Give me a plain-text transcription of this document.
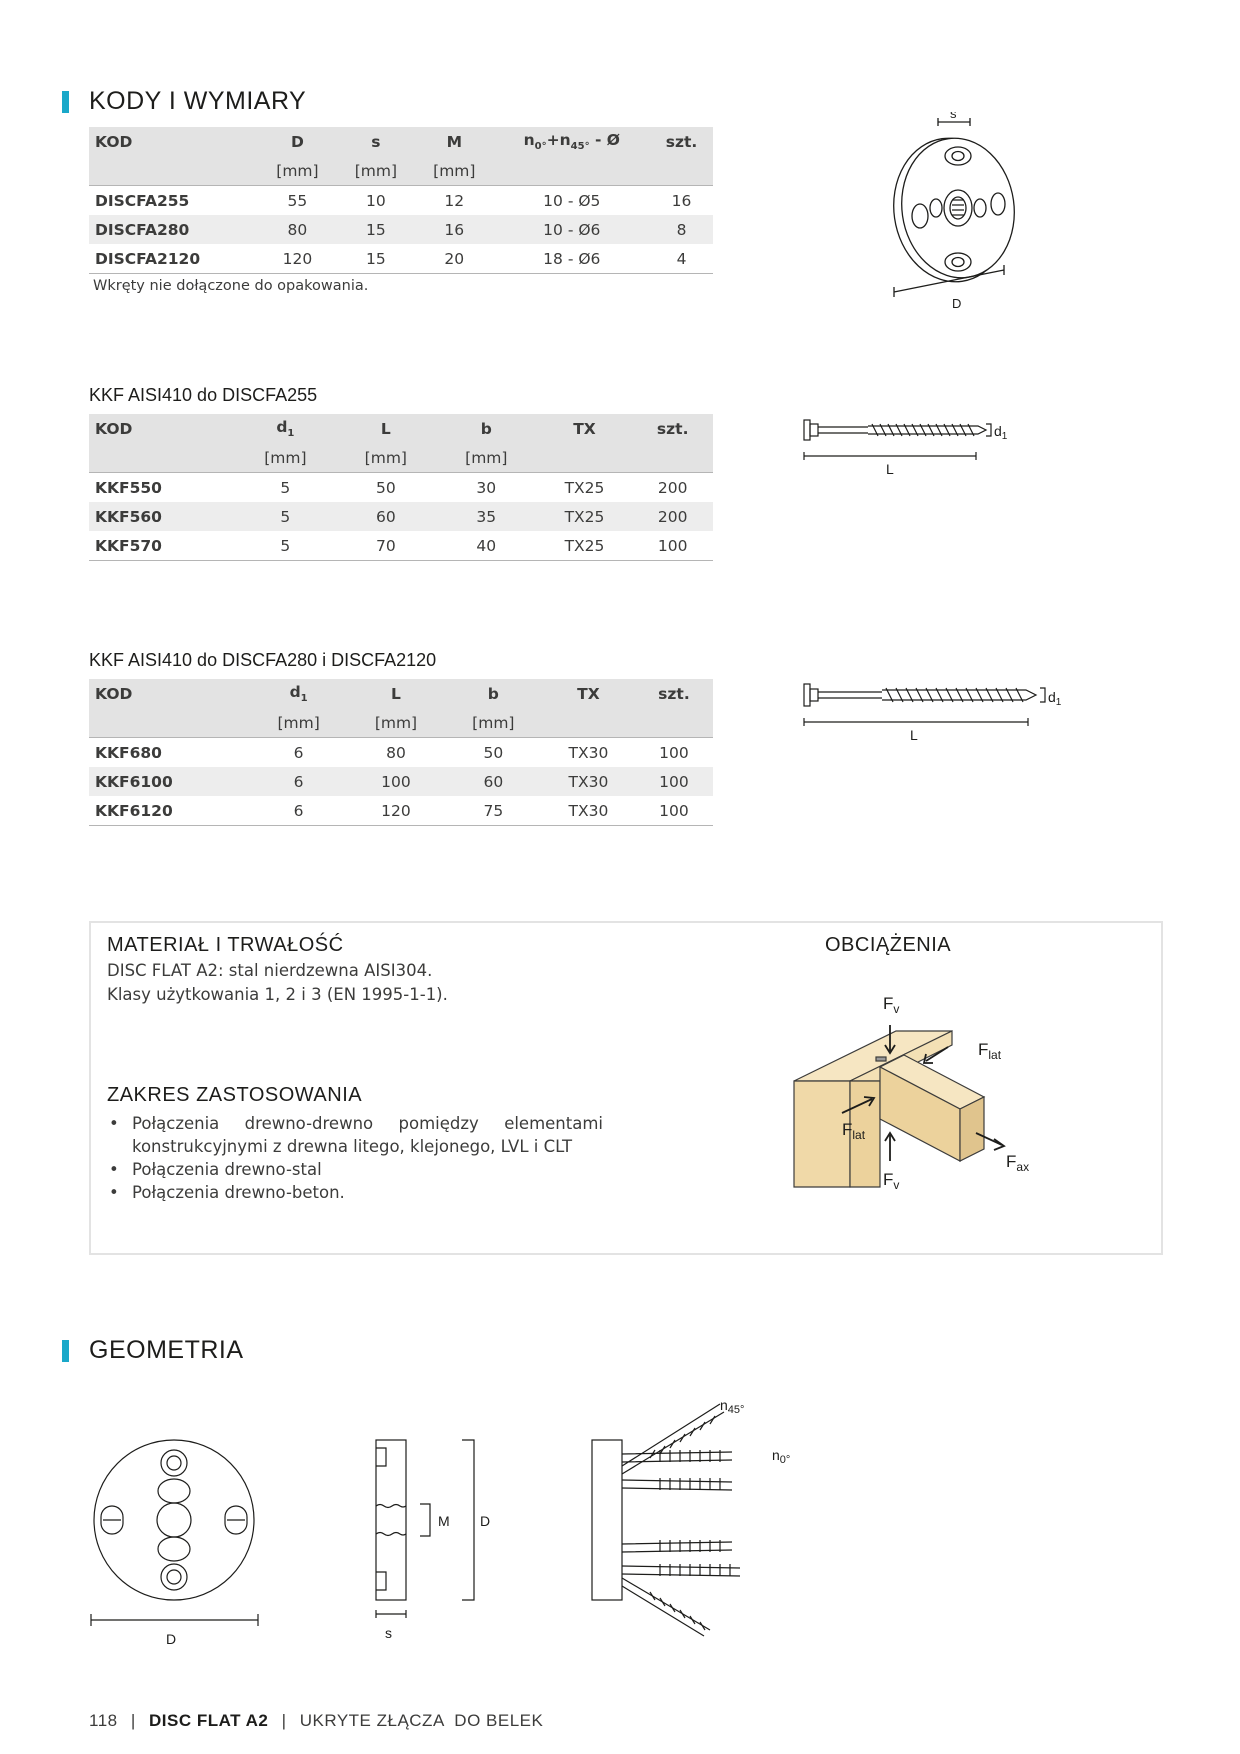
KODY I WYMIARY
KOD	D	s	M	$n_{0^\circ}+n_{45^\circ}$ - Ø	szt.
	[mm]	[mm]	[mm]		
DISCFA255	55	10	12	10 - Ø5	16
DISCFA280	80	15	16	10 - Ø6	8
DISCFA2120	120	15	20	18 - Ø6	4
Wkręty nie dołączone do opakowania.
s
D
KKF AISI410 do DISCFA255
KOD	$d_1$	L	b	TX	szt.
	[mm]	[mm]	[mm]		
KKF550	5	50	30	TX25	200
KKF560	5	60	35	TX25	200
KKF570	5	70	40	TX25	100
$d_1$
L
KKF AISI410 do DISCFA280 i DISCFA2120
KOD	$d_1$	L	b	TX	szt.
	[mm]	[mm]	[mm]		
KKF680	6	80	50	TX30	100
KKF6100	6	100	60	TX30	100
KKF6120	6	120	75	TX30	100
$d_1$
L
MATERIAŁ I TRWAŁOŚĆ
DISC FLAT A2: stal nierdzewna AISI304.
Klasy użytkowania 1, 2 i 3 (EN 1995-1-1).
ZAKRES ZASTOSOWANIA
• Połączenia drewno-drewno pomiędzy elementami konstrukcyjnymi z drewna litego, klejonego, LVL i CLT
• Połączenia drewno-stal
• Połączenia drewno-beton.
OBCIĄŻENIA
$F_v$
$F_{lat}$
$F_{lat}$
$F_{ax}$
$F_v$
GEOMETRIA
D
M D
s
$n_{45^\circ}$
$n_{0^\circ}$
118 | DISC FLAT A2 | UKRYTE ZŁĄCZA  DO BELEK
